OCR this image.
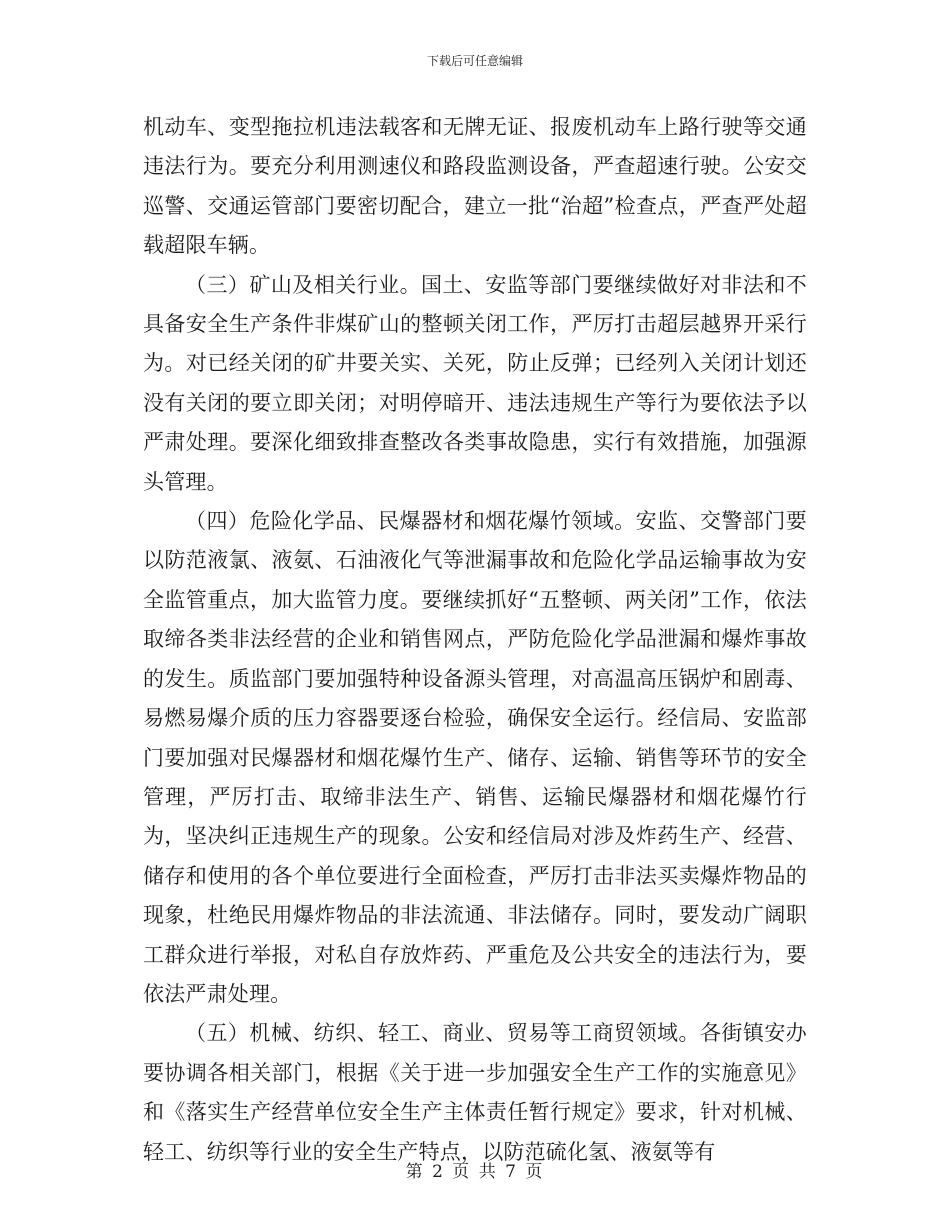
下载后可任意编辑

机动车、变型拖拉机违法载客和无牌无证、报废机动车上路行驶等交通违法行为。要充分利用测速仪和路段监测设备，严查超速行驶。公安交巡警、交通运管部门要密切配合，建立一批“治超”检查点，严查严处超载超限车辆。

（三）矿山及相关行业。国土、安监等部门要继续做好对非法和不具备安全生产条件非煤矿山的整顿关闭工作，严厉打击超层越界开采行为。对已经关闭的矿井要关实、关死，防止反弹；已经列入关闭计划还没有关闭的要立即关闭；对明停暗开、违法违规生产等行为要依法予以严肃处理。要深化细致排查整改各类事故隐患，实行有效措施，加强源头管理。

（四）危险化学品、民爆器材和烟花爆竹领域。安监、交警部门要以防范液氯、液氨、石油液化气等泄漏事故和危险化学品运输事故为安全监管重点，加大监管力度。要继续抓好“五整顿、两关闭”工作，依法取缔各类非法经营的企业和销售网点，严防危险化学品泄漏和爆炸事故的发生。质监部门要加强特种设备源头管理，对高温高压锅炉和剧毒、易燃易爆介质的压力容器要逐台检验，确保安全运行。经信局、安监部门要加强对民爆器材和烟花爆竹生产、储存、运输、销售等环节的安全管理，严厉打击、取缔非法生产、销售、运输民爆器材和烟花爆竹行为，坚决纠正违规生产的现象。公安和经信局对涉及炸药生产、经营、储存和使用的各个单位要进行全面检查，严厉打击非法买卖爆炸物品的现象，杜绝民用爆炸物品的非法流通、非法储存。同时，要发动广阔职工群众进行举报，对私自存放炸药、严重危及公共安全的违法行为，要依法严肃处理。

（五）机械、纺织、轻工、商业、贸易等工商贸领域。各街镇安办要协调各相关部门，根据《关于进一步加强安全生产工作的实施意见》和《落实生产经营单位安全生产主体责任暂行规定》要求，针对机械、轻工、纺织等行业的安全生产特点，以防范硫化氢、液氨等有

第 2 页 共 7 页
